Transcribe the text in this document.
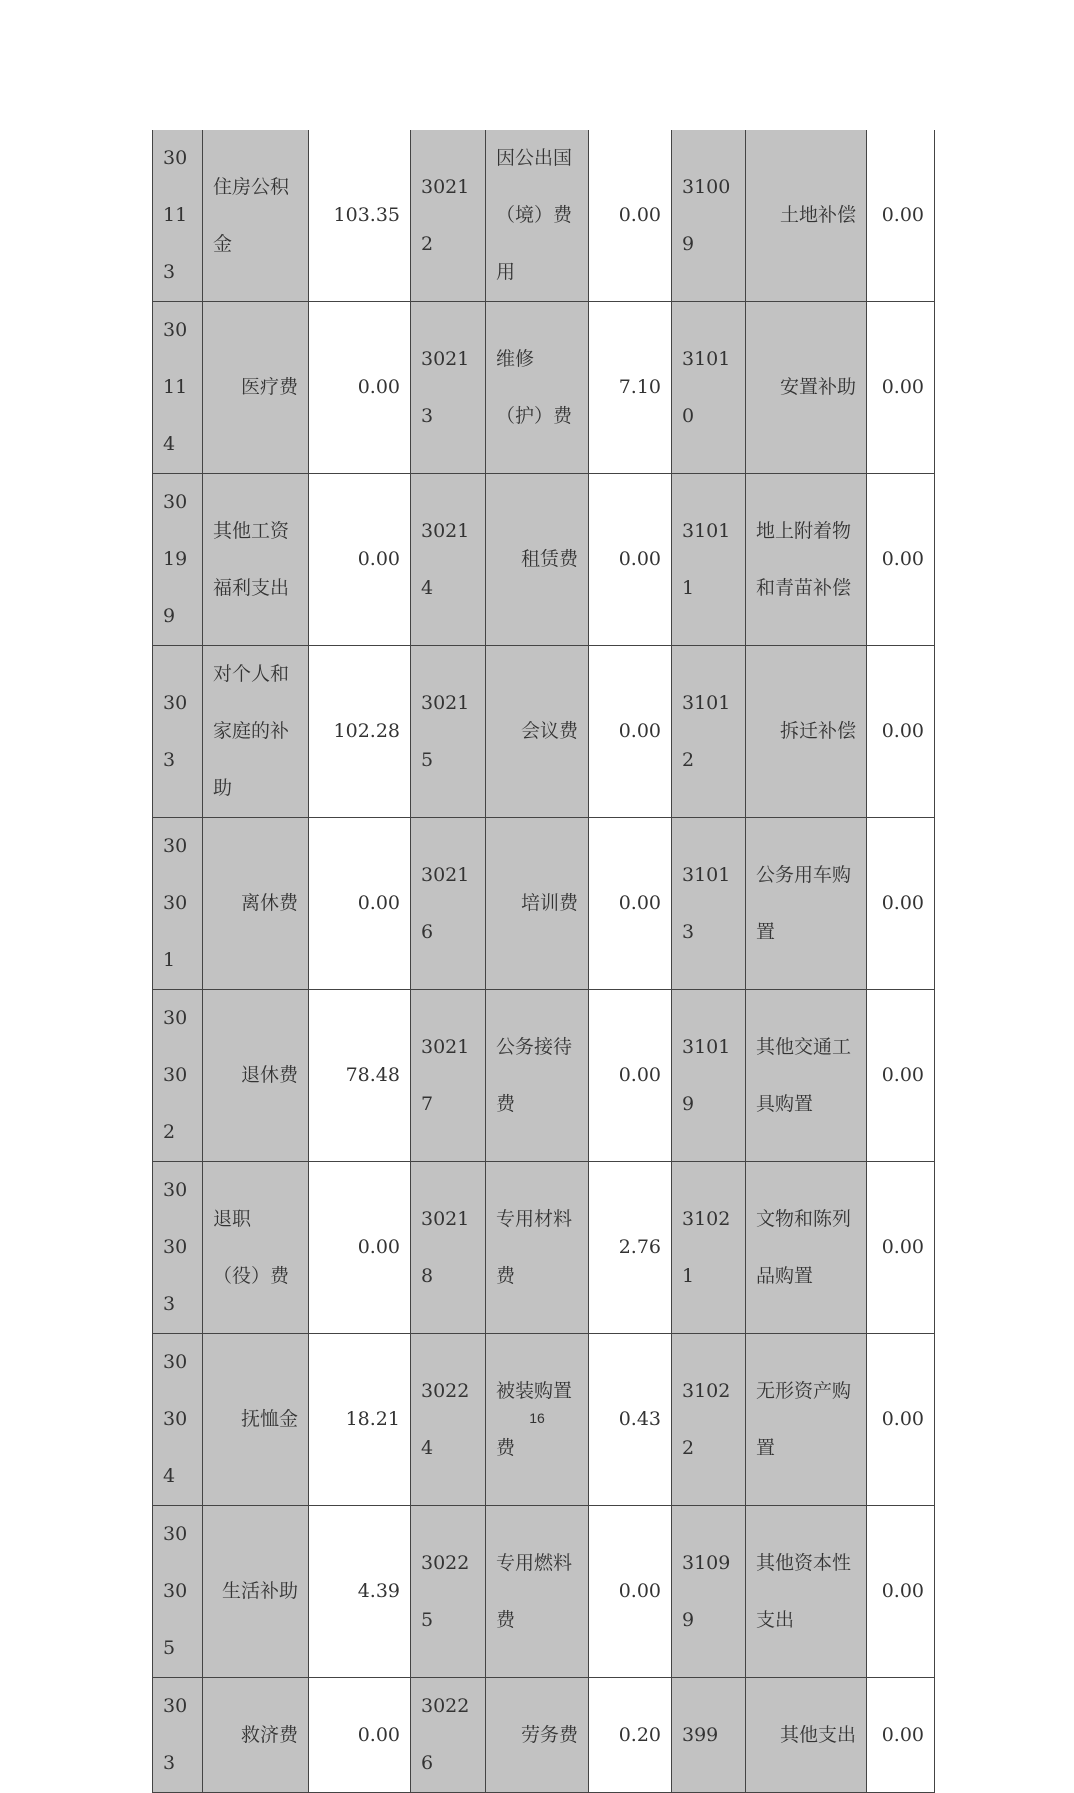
30113	住房公积金	103.35	30212	因公出国（境）费用	0.00	31009	土地补偿	0.00
30114	医疗费	0.00	30213	维修（护）费	7.10	31010	安置补助	0.00
30199	其他工资福利支出	0.00	30214	租赁费	0.00	31011	地上附着物和青苗补偿	0.00
303	对个人和家庭的补助	102.28	30215	会议费	0.00	31012	拆迁补偿	0.00
30301	离休费	0.00	30216	培训费	0.00	31013	公务用车购置	0.00
30302	退休费	78.48	30217	公务接待费	0.00	31019	其他交通工具购置	0.00
30303	退职（役）费	0.00	30218	专用材料费	2.76	31021	文物和陈列品购置	0.00
30304	抚恤金	18.21	30224	被装购置费	0.43	31022	无形资产购置	0.00
30305	生活补助	4.39	30225	专用燃料费	0.00	31099	其他资本性支出	0.00
303	救济费	0.00	30226	劳务费	0.20	399	其他支出	0.00
16
